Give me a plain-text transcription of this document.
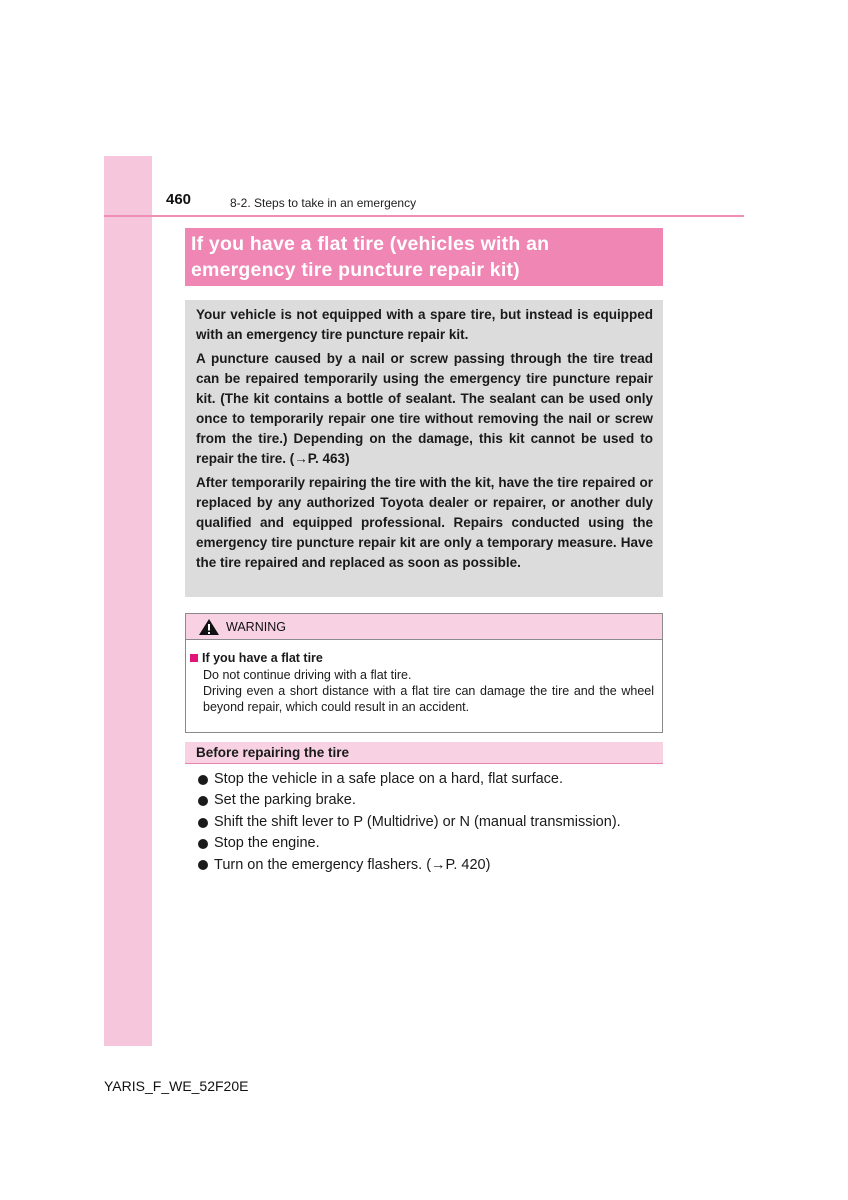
460	8-2. Steps to take in an emergency
If you have a flat tire (vehicles with an
emergency tire puncture repair kit)

Your vehicle is not equipped with a spare tire, but instead is equipped with an emergency tire puncture repair kit.

A puncture caused by a nail or screw passing through the tire tread can be repaired temporarily using the emergency tire puncture repair kit. (The kit contains a bottle of sealant. The sealant can be used only once to temporarily repair one tire without removing the nail or screw from the tire.) Depending on the damage, this kit cannot be used to repair the tire. (→P. 463)

After temporarily repairing the tire with the kit, have the tire repaired or replaced by any authorized Toyota dealer or repairer, or another duly qualified and equipped professional. Repairs conducted using the emergency tire puncture repair kit are only a temporary measure. Have the tire repaired and replaced as soon as possible.

WARNING
If you have a flat tire
Do not continue driving with a flat tire.
Driving even a short distance with a flat tire can damage the tire and the wheel beyond repair, which could result in an accident.
Before repairing the tire
Stop the vehicle in a safe place on a hard, flat surface.
Set the parking brake.
Shift the shift lever to P (Multidrive) or N (manual transmission).
Stop the engine.
Turn on the emergency flashers. (→P. 420)
YARIS_F_WE_52F20E
